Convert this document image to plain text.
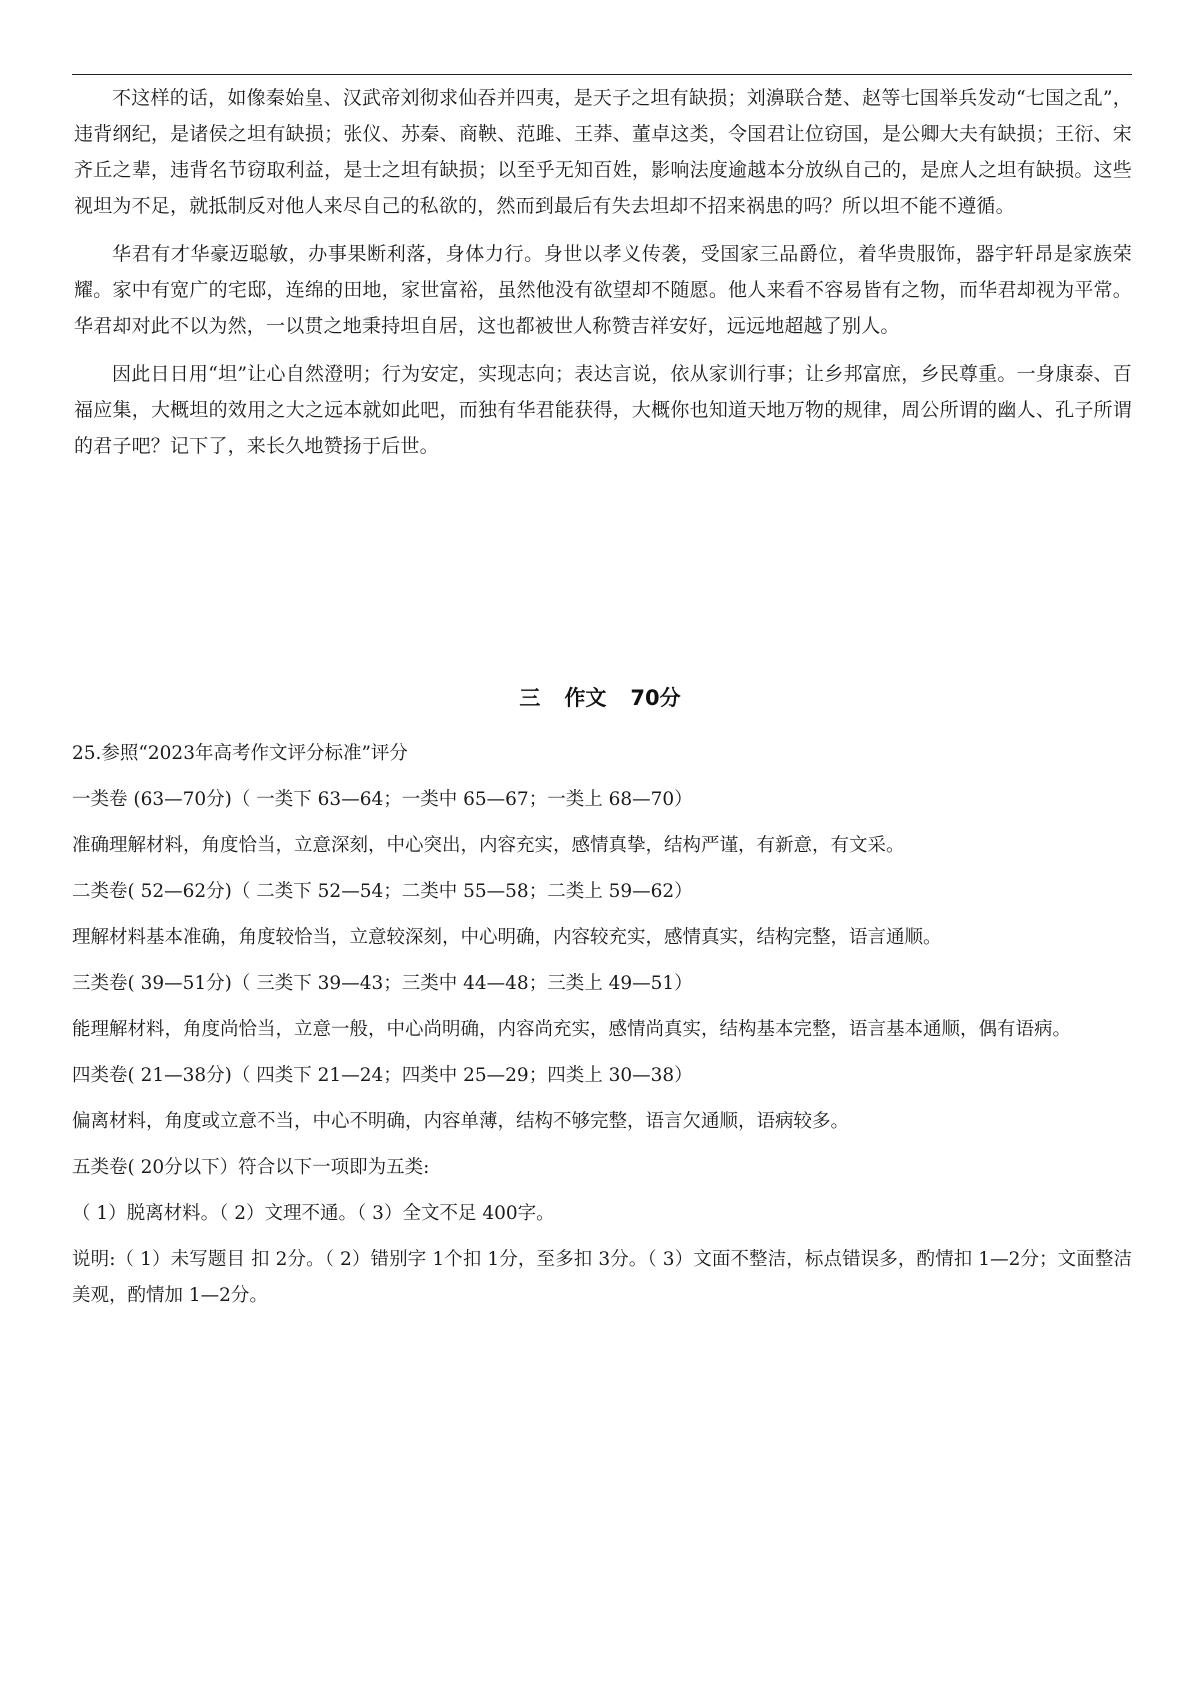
不这样的话，如像秦始皇、汉武帝刘彻求仙吞并四夷，是天子之坦有缺损；刘濞联合楚、赵等七国举兵发动“七国之乱”，违背纲纪，是诸侯之坦有缺损；张仪、苏秦、商鞅、范雎、王莽、董卓这类，令国君让位窃国，是公卿大夫有缺损；王衍、宋齐丘之辈，违背名节窃取利益，是士之坦有缺损；以至乎无知百姓，影响法度逾越本分放纵自己的，是庶人之坦有缺损。这些视坦为不足，就抵制反对他人来尽自己的私欲的，然而到最后有失去坦却不招来祸患的吗？所以坦不能不遵循。

华君有才华豪迈聪敏，办事果断利落，身体力行。身世以孝义传袭，受国家三品爵位，着华贵服饰，器宇轩昂是家族荣耀。家中有宽广的宅邸，连绵的田地，家世富裕，虽然他没有欲望却不随愿。他人来看不容易皆有之物，而华君却视为平常。华君却对此不以为然，一以贯之地秉持坦自居，这也都被世人称赞吉祥安好，远远地超越了别人。

因此日日用“坦”让心自然澄明；行为安定，实现志向；表达言说，依从家训行事；让乡邦富庶，乡民尊重。一身康泰、百福应集，大概坦的效用之大之远本就如此吧，而独有华君能获得，大概你也知道天地万物的规律，周公所谓的幽人、孔子所谓的君子吧？记下了，来长久地赞扬于后世。

三 作文 70分
25.参照“2023年高考作文评分标准”评分
一类卷 (63—70分)（ 一类下 63—64；一类中 65—67；一类上 68—70）
准确理解材料，角度恰当，立意深刻，中心突出，内容充实，感情真挚，结构严谨，有新意，有文采。
二类卷( 52—62分)（ 二类下 52—54；二类中 55—58；二类上 59—62）
理解材料基本准确，角度较恰当，立意较深刻，中心明确，内容较充实，感情真实，结构完整，语言通顺。
三类卷( 39—51分)（ 三类下 39—43；三类中 44—48；三类上 49—51）
能理解材料，角度尚恰当，立意一般，中心尚明确，内容尚充实，感情尚真实，结构基本完整，语言基本通顺，偶有语病。
四类卷( 21—38分)（ 四类下 21—24；四类中 25—29；四类上 30—38）
偏离材料，角度或立意不当，中心不明确，内容单薄，结构不够完整，语言欠通顺，语病较多。
五类卷( 20分以下）符合以下一项即为五类:
（ 1）脱离材料。（ 2）文理不通。（ 3）全文不足 400字。
说明:（ 1）未写题目 扣 2分。（ 2）错别字 1个扣 1分，至多扣 3分。（ 3）文面不整洁，标点错误多，酌情扣 1—2分；文面整洁美观，酌情加 1—2分。
